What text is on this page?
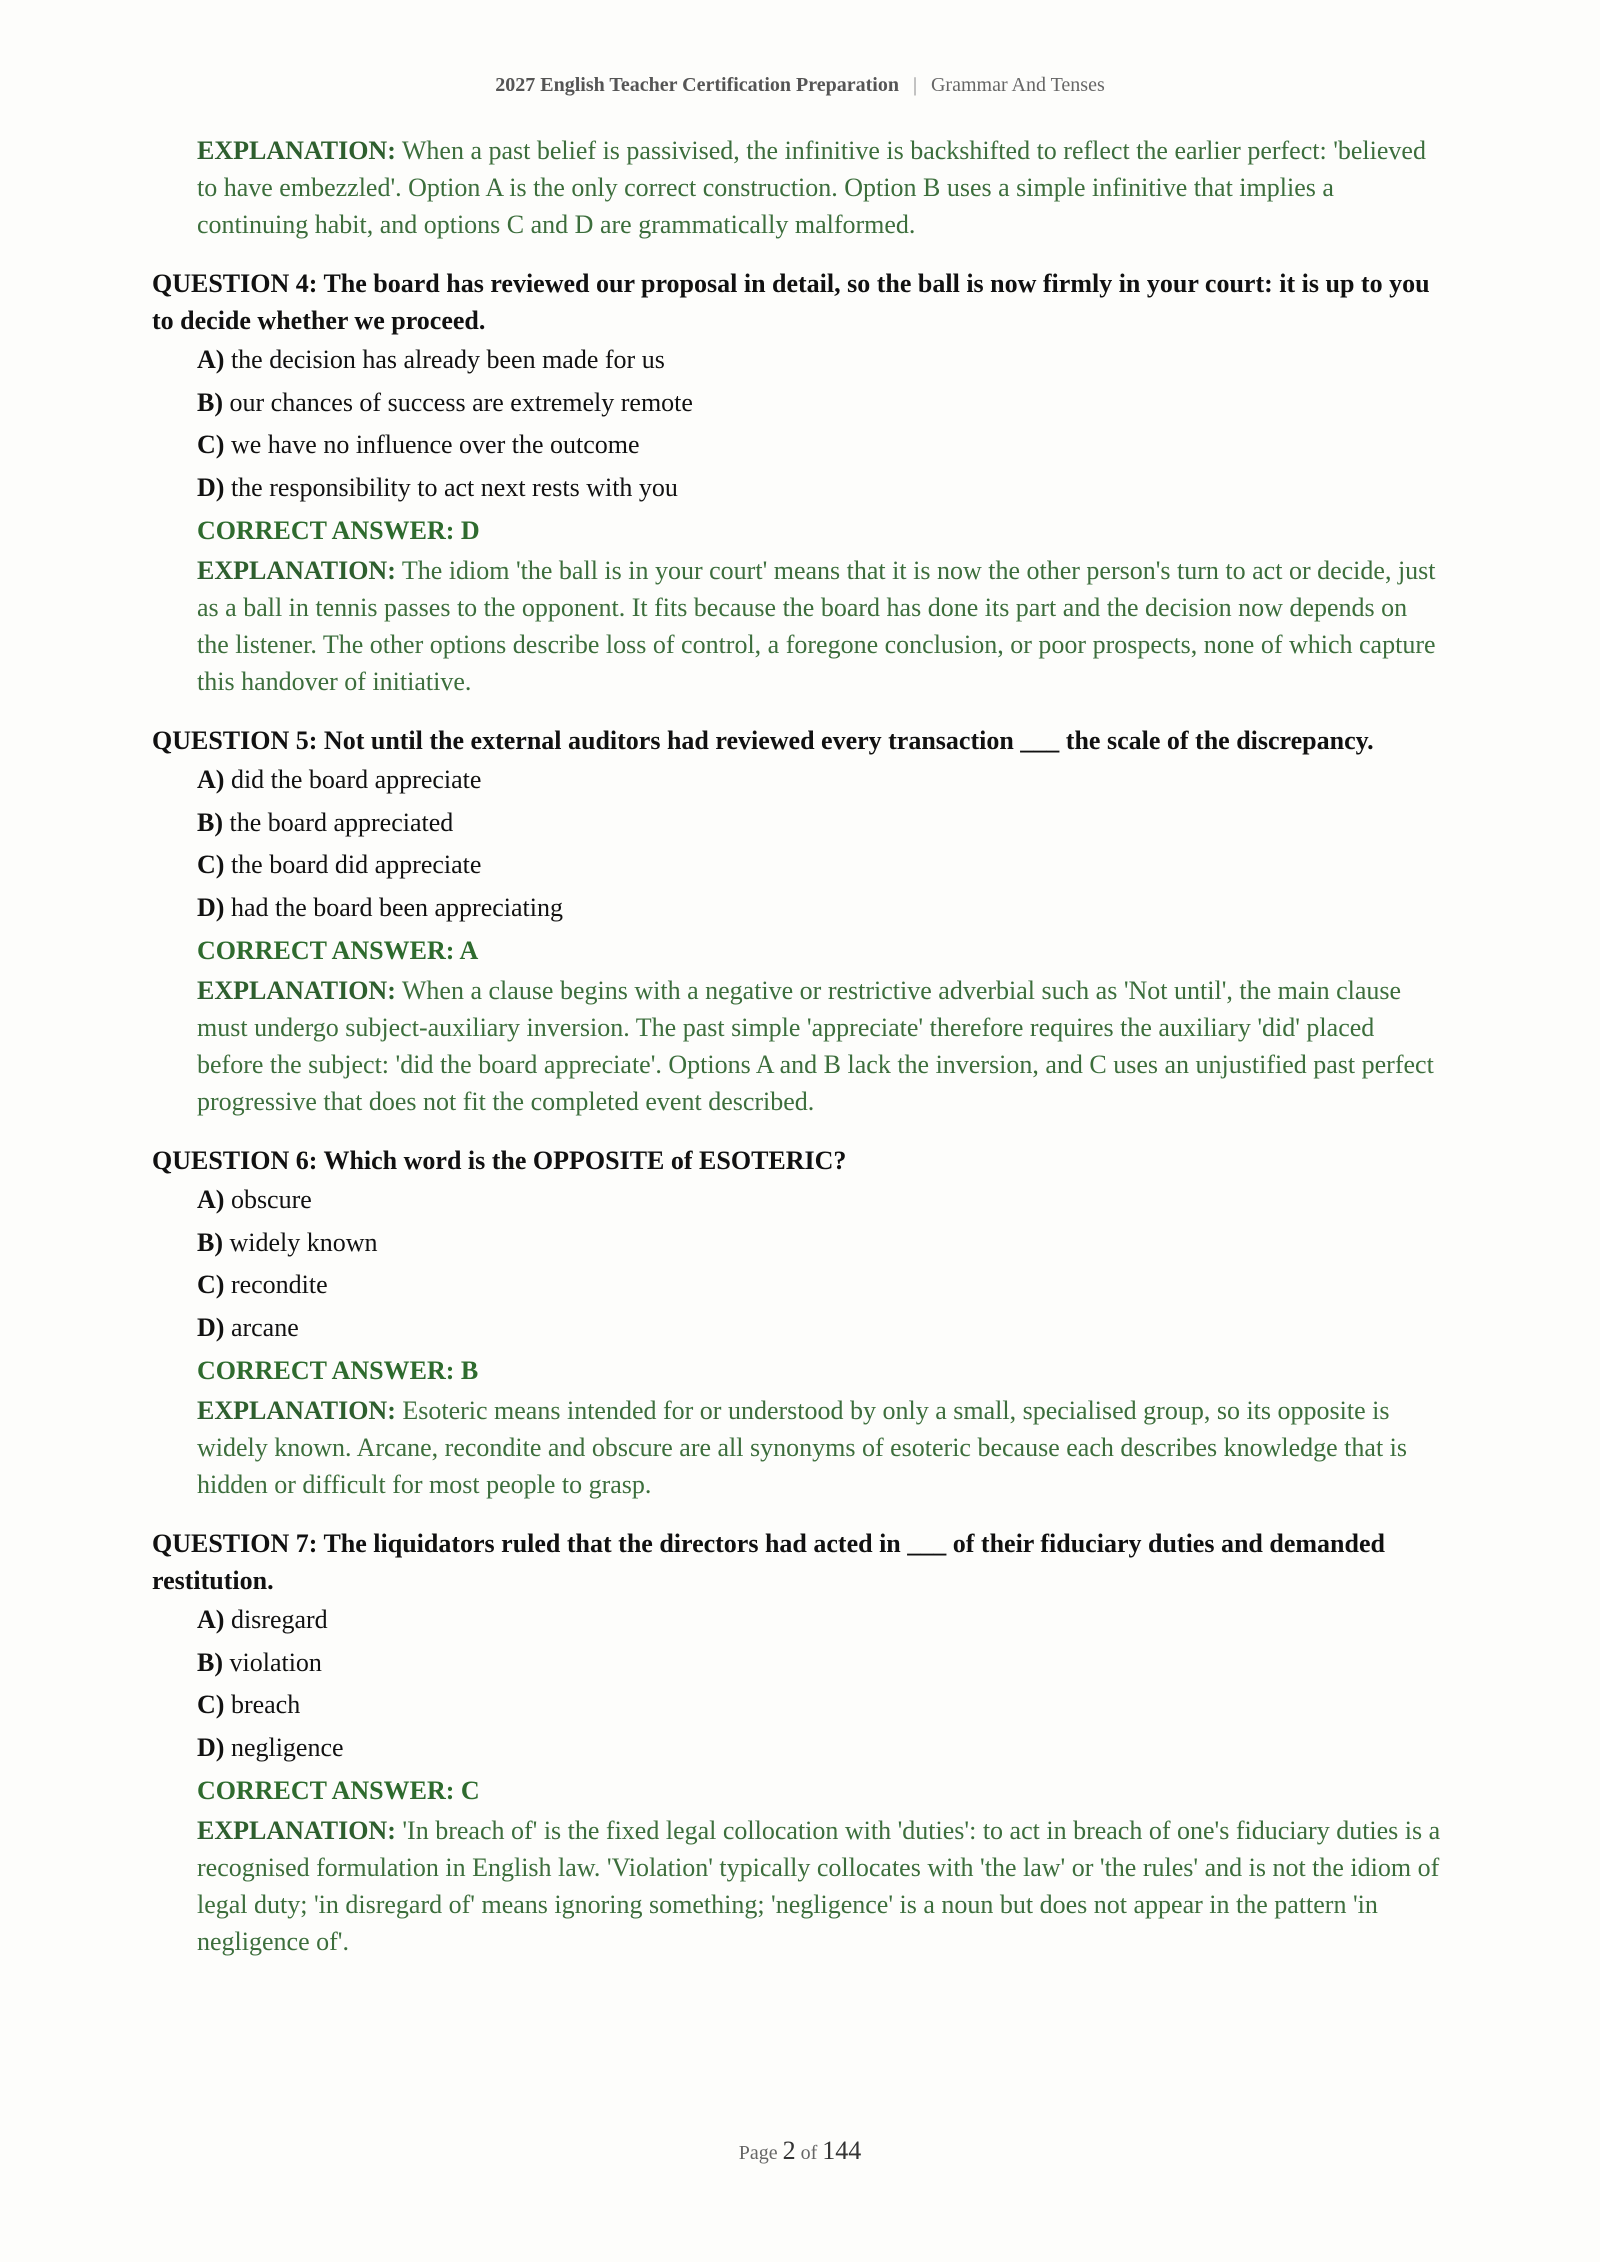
2027 English Teacher Certification Preparation | Grammar And Tenses
EXPLANATION: When a past belief is passivised, the infinitive is backshifted to reflect the earlier perfect: 'believed to have embezzled'. Option A is the only correct construction. Option B uses a simple infinitive that implies a continuing habit, and options C and D are grammatically malformed.
QUESTION 4: The board has reviewed our proposal in detail, so the ball is now firmly in your court: it is up to you to decide whether we proceed.
A) the decision has already been made for us
B) our chances of success are extremely remote
C) we have no influence over the outcome
D) the responsibility to act next rests with you
CORRECT ANSWER: D
EXPLANATION: The idiom 'the ball is in your court' means that it is now the other person's turn to act or decide, just as a ball in tennis passes to the opponent. It fits because the board has done its part and the decision now depends on the listener. The other options describe loss of control, a foregone conclusion, or poor prospects, none of which capture this handover of initiative.
QUESTION 5: Not until the external auditors had reviewed every transaction ___ the scale of the discrepancy.
A) did the board appreciate
B) the board appreciated
C) the board did appreciate
D) had the board been appreciating
CORRECT ANSWER: A
EXPLANATION: When a clause begins with a negative or restrictive adverbial such as 'Not until', the main clause must undergo subject-auxiliary inversion. The past simple 'appreciate' therefore requires the auxiliary 'did' placed before the subject: 'did the board appreciate'. Options A and B lack the inversion, and C uses an unjustified past perfect progressive that does not fit the completed event described.
QUESTION 6: Which word is the OPPOSITE of ESOTERIC?
A) obscure
B) widely known
C) recondite
D) arcane
CORRECT ANSWER: B
EXPLANATION: Esoteric means intended for or understood by only a small, specialised group, so its opposite is widely known. Arcane, recondite and obscure are all synonyms of esoteric because each describes knowledge that is hidden or difficult for most people to grasp.
QUESTION 7: The liquidators ruled that the directors had acted in ___ of their fiduciary duties and demanded restitution.
A) disregard
B) violation
C) breach
D) negligence
CORRECT ANSWER: C
EXPLANATION: 'In breach of' is the fixed legal collocation with 'duties': to act in breach of one's fiduciary duties is a recognised formulation in English law. 'Violation' typically collocates with 'the law' or 'the rules' and is not the idiom of legal duty; 'in disregard of' means ignoring something; 'negligence' is a noun but does not appear in the pattern 'in negligence of'.
Page 2 of 144
